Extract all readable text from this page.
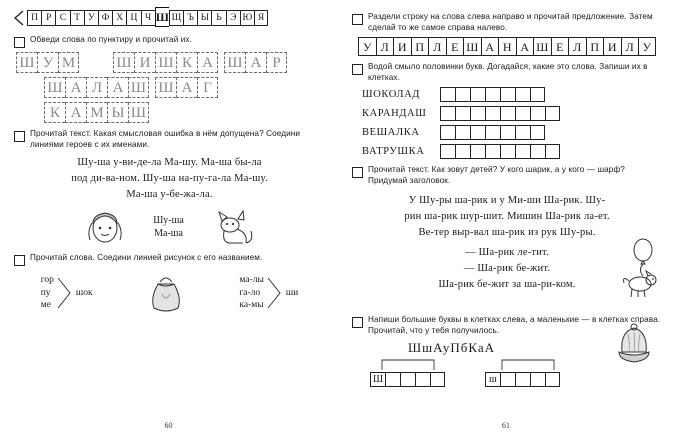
П Р С Т У Ф Х Ц Ч Ш Щ Ъ Ы Ь Э Ю Я
Обведи слова по пунктиру и прочитай их.
Ш У М	Ш И Ш К А Ш А Р
Ш А Л А Ш Ш А Г
К А М Ы Ш
Прочитай текст. Какая смысловая ошибка в нём допущена? Соедини линиями героев с их именами.
Шу-ша у-ви-де-ла Ма-шу. Ма-ша бы-ла
под ди-ва-ном. Шу-ша на-пу-га-ла Ма-шу.
Ма-ша у-бе-жа-ла.
Шу-ша
Ма-ша
Прочитай слова. Соедини линией рисунок с его названием.
гор
пу
ме
шок
ма-лы
га-ло
ка-мы
ши
60
Раздели строку на слова слева направо и прочитай предложение. Затем сделай то же самое справа налево.
У Л И П Л Е Ш А Н А Ш Е Л П И Л У
Водой смыло половинки букв. Догадайся, какие это слова. Запиши их в клетках.
ШОКОЛАД
КАРАНДАШ
ВЕШАЛКА
ВАТРУШКА
Прочитай текст. Как зовут детей? У кого шарик, а у кого — шарф? Придумай заголовок.
У Шу-ры ша-рик и у Ми-ши Ша-рик. Шу-
рин ша-рик шур-шит. Мишин Ша-рик ла-ет.
Ве-тер выр-вал ша-рик из рук Шу-ры.
— Ша-рик ле-тит.
— Ша-рик бе-жит.
Ша-рик бе-жит за ша-ри-ком.
Напиши большие буквы в клетках слева, а маленькие — в клетках справа. Прочитай, что у тебя получилось.
ШшАуПбКаА
Ш	ш
61
